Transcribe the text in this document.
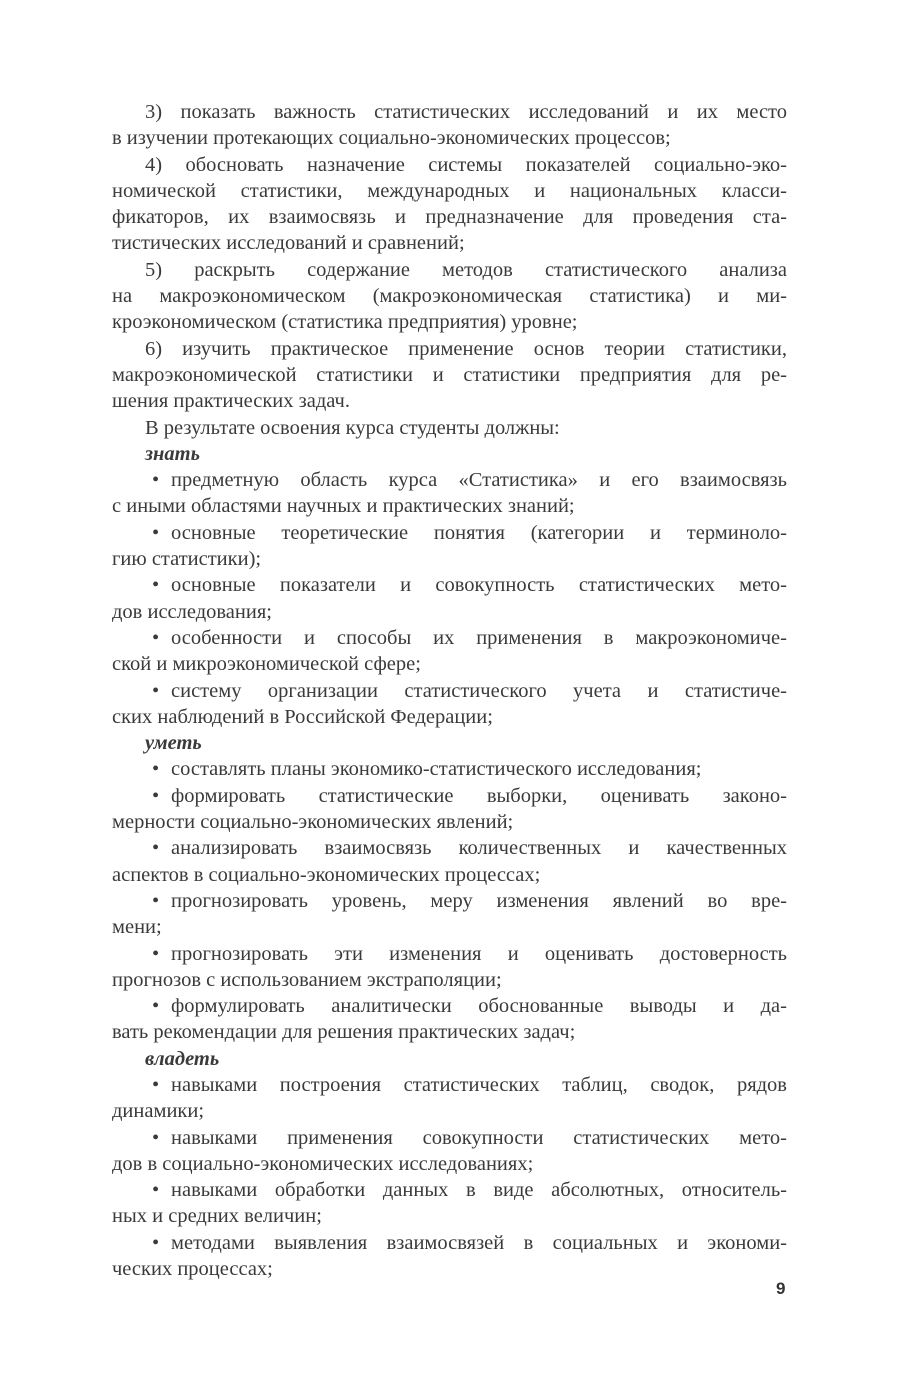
3) показать важность статистических исследований и их место
в изучении протекающих социально-экономических процессов;
4) обосновать назначение системы показателей социально-эко-
номической статистики, международных и национальных класси-
фикаторов, их взаимосвязь и предназначение для проведения ста-
тистических исследований и сравнений;
5) раскрыть содержание методов статистического анализа
на макроэкономическом (макроэкономическая статистика) и ми-
кроэкономическом (статистика предприятия) уровне;
6) изучить практическое применение основ теории статистики,
макроэкономической статистики и статистики предприятия для ре-
шения практических задач.
В результате освоения курса студенты должны:
знать
• предметную область курса «Статистика» и его взаимосвязь
с иными областями научных и практических знаний;
• основные теоретические понятия (категории и терминоло-
гию статистики);
• основные показатели и совокупность статистических мето-
дов исследования;
• особенности и способы их применения в макроэкономиче-
ской и микроэкономической сфере;
• систему организации статистического учета и статистиче-
ских наблюдений в Российской Федерации;
уметь
• составлять планы экономико-статистического исследования;
• формировать статистические выборки, оценивать законо-
мерности социально-экономических явлений;
• анализировать взаимосвязь количественных и качественных
аспектов в социально-экономических процессах;
• прогнозировать уровень, меру изменения явлений во вре-
мени;
• прогнозировать эти изменения и оценивать достоверность
прогнозов с использованием экстраполяции;
• формулировать аналитически обоснованные выводы и да-
вать рекомендации для решения практических задач;
владеть
• навыками построения статистических таблиц, сводок, рядов
динамики;
• навыками применения совокупности статистических мето-
дов в социально-экономических исследованиях;
• навыками обработки данных в виде абсолютных, относитель-
ных и средних величин;
• методами выявления взаимосвязей в социальных и экономи-
ческих процессах;
9
